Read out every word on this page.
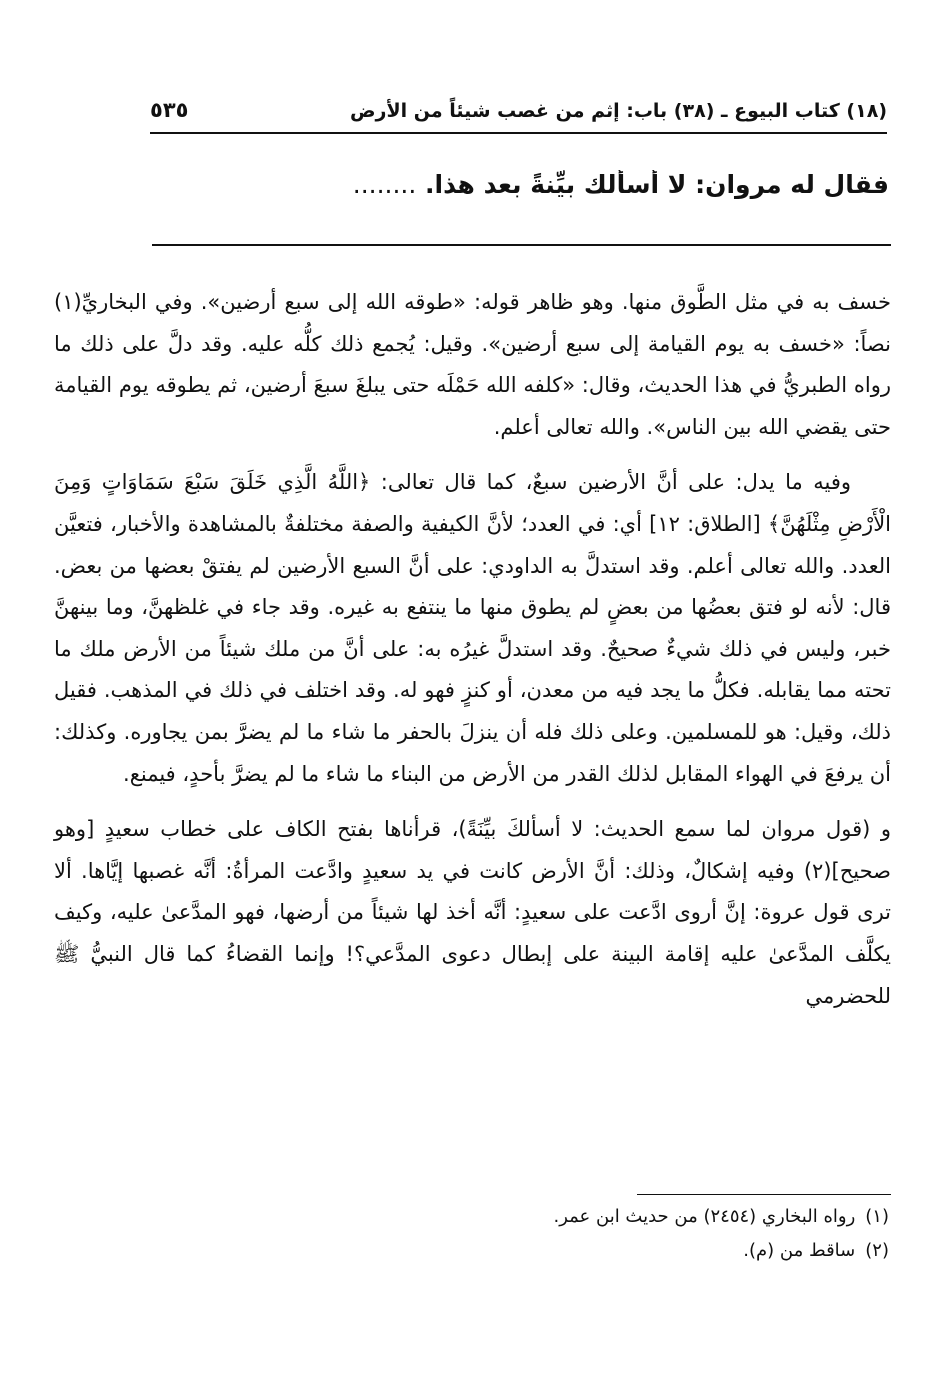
(١٨) كتاب البيوع ـ (٣٨) باب: إثم من غصب شيئاً من الأرض
٥٣٥
فقال له مروان: لا أسألك بيِّنةً بعد هذا. ........

خسف به في مثل الطَّوق منها. وهو ظاهر قوله: «طوقه الله إلى سبع أرضين». وفي البخاريِّ(١) نصاً: «خسف به يوم القيامة إلى سبع أرضين». وقيل: يُجمع ذلك كلُّه عليه. وقد دلَّ على ذلك ما رواه الطبريُّ في هذا الحديث، وقال: «كلفه الله حَمْلَه حتى يبلغَ سبعَ أرضين، ثم يطوقه يوم القيامة حتى يقضي الله بين الناس». والله تعالى أعلم.

وفيه ما يدل: على أنَّ الأرضين سبعٌ، كما قال تعالى: ﴿اللَّهُ الَّذِي خَلَقَ سَبْعَ سَمَاوَاتٍ وَمِنَ الْأَرْضِ مِثْلَهُنَّ﴾ [الطلاق: ١٢] أي: في العدد؛ لأنَّ الكيفية والصفة مختلفةٌ بالمشاهدة والأخبار، فتعيَّن العدد. والله تعالى أعلم. وقد استدلَّ به الداودي: على أنَّ السبع الأرضين لم يفتقْ بعضها من بعض. قال: لأنه لو فتق بعضُها من بعضٍ لم يطوق منها ما ينتفع به غيره. وقد جاء في غلظهنَّ، وما بينهنَّ خبر، وليس في ذلك شيءٌ صحيحٌ. وقد استدلَّ غيرُه به: على أنَّ من ملك شيئاً من الأرض ملك ما تحته مما يقابله. فكلُّ ما يجد فيه من معدن، أو كنزٍ فهو له. وقد اختلف في ذلك في المذهب. فقيل ذلك، وقيل: هو للمسلمين. وعلى ذلك فله أن ينزلَ بالحفر ما شاء ما لم يضرَّ بمن يجاوره. وكذلك: أن يرفعَ في الهواء المقابل لذلك القدر من الأرض من البناء ما شاء ما لم يضرَّ بأحدٍ، فيمنع.

و (قول مروان لما سمع الحديث: لا أسألكَ بيِّنَةً)، قرأناها بفتح الكاف على خطاب سعيدٍ [وهو صحيح](٢) وفيه إشكالٌ، وذلك: أنَّ الأرض كانت في يد سعيدٍ وادَّعت المرأةُ: أنَّه غصبها إيَّاها. ألا ترى قول عروة: إنَّ أروى ادَّعت على سعيدٍ: أنَّه أخذ لها شيئاً من أرضها، فهو المدَّعىٰ عليه، وكيف يكلَّف المدَّعىٰ عليه إقامة البينة على إبطال دعوى المدَّعي؟! وإنما القضاءُ كما قال النبيُّ ﷺ للحضرمي

(١)رواه البخاري (٢٤٥٤) من حديث ابن عمر.
(٢)ساقط من (م).
